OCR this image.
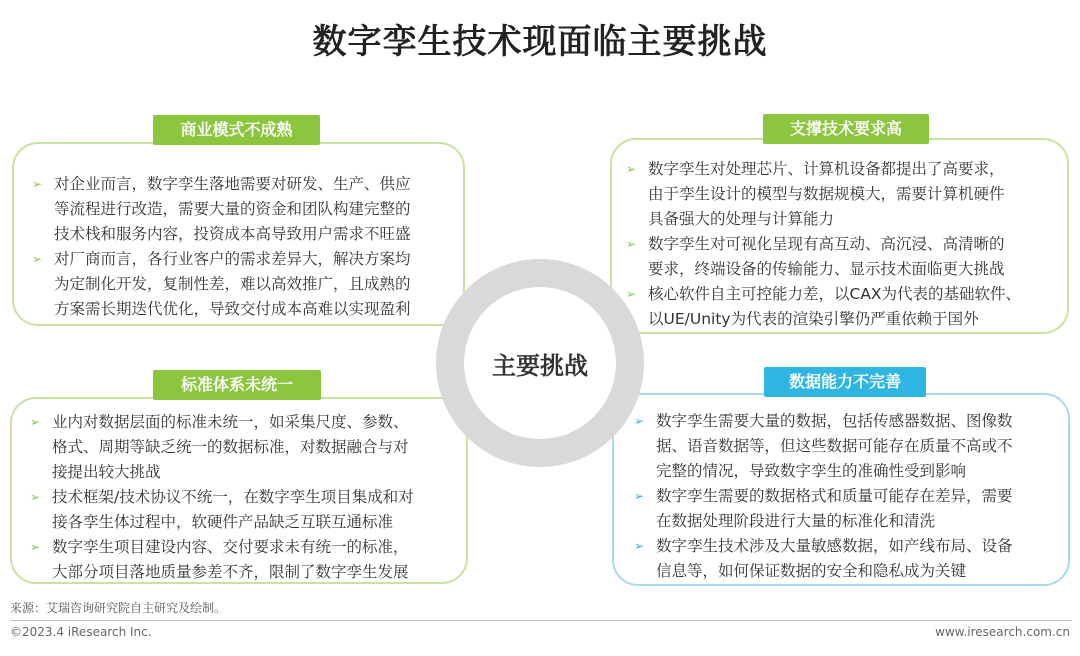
数字孪生技术现面临主要挑战
➢ 对企业而言，数字孪生落地需要对研发、生产、供应
等流程进行改造，需要大量的资金和团队构建完整的
技术栈和服务内容，投资成本高导致用户需求不旺盛
➢ 对厂商而言，各行业客户的需求差异大，解决方案均
为定制化开发，复制性差，难以高效推广，且成熟的
方案需长期迭代优化，导致交付成本高难以实现盈利
商业模式不成熟
➢ 数字孪生对处理芯片、计算机设备都提出了高要求，
由于孪生设计的模型与数据规模大，需要计算机硬件
具备强大的处理与计算能力
➢ 数字孪生对可视化呈现有高互动、高沉浸、高清晰的
要求，终端设备的传输能力、显示技术面临更大挑战
➢ 核心软件自主可控能力差，以CAX为代表的基础软件、
以UE/Unity为代表的渲染引擎仍严重依赖于国外
支撑技术要求高
➢ 业内对数据层面的标准未统一，如采集尺度、参数、
格式、周期等缺乏统一的数据标准，对数据融合与对
接提出较大挑战
➢ 技术框架/技术协议不统一，在数字孪生项目集成和对
接各孪生体过程中，软硬件产品缺乏互联互通标准
➢ 数字孪生项目建设内容、交付要求未有统一的标准，
大部分项目落地质量参差不齐，限制了数字孪生发展
标准体系未统一
➢ 数字孪生需要大量的数据，包括传感器数据、图像数
据、语音数据等，但这些数据可能存在质量不高或不
完整的情况，导致数字孪生的准确性受到影响
➢ 数字孪生需要的数据格式和质量可能存在差异，需要
在数据处理阶段进行大量的标准化和清洗
➢ 数字孪生技术涉及大量敏感数据，如产线布局、设备
信息等，如何保证数据的安全和隐私成为关键
数据能力不完善
主要挑战
来源：艾瑞咨询研究院自主研究及绘制。
©2023.4 iResearch Inc.	www.iresearch.com.cn
